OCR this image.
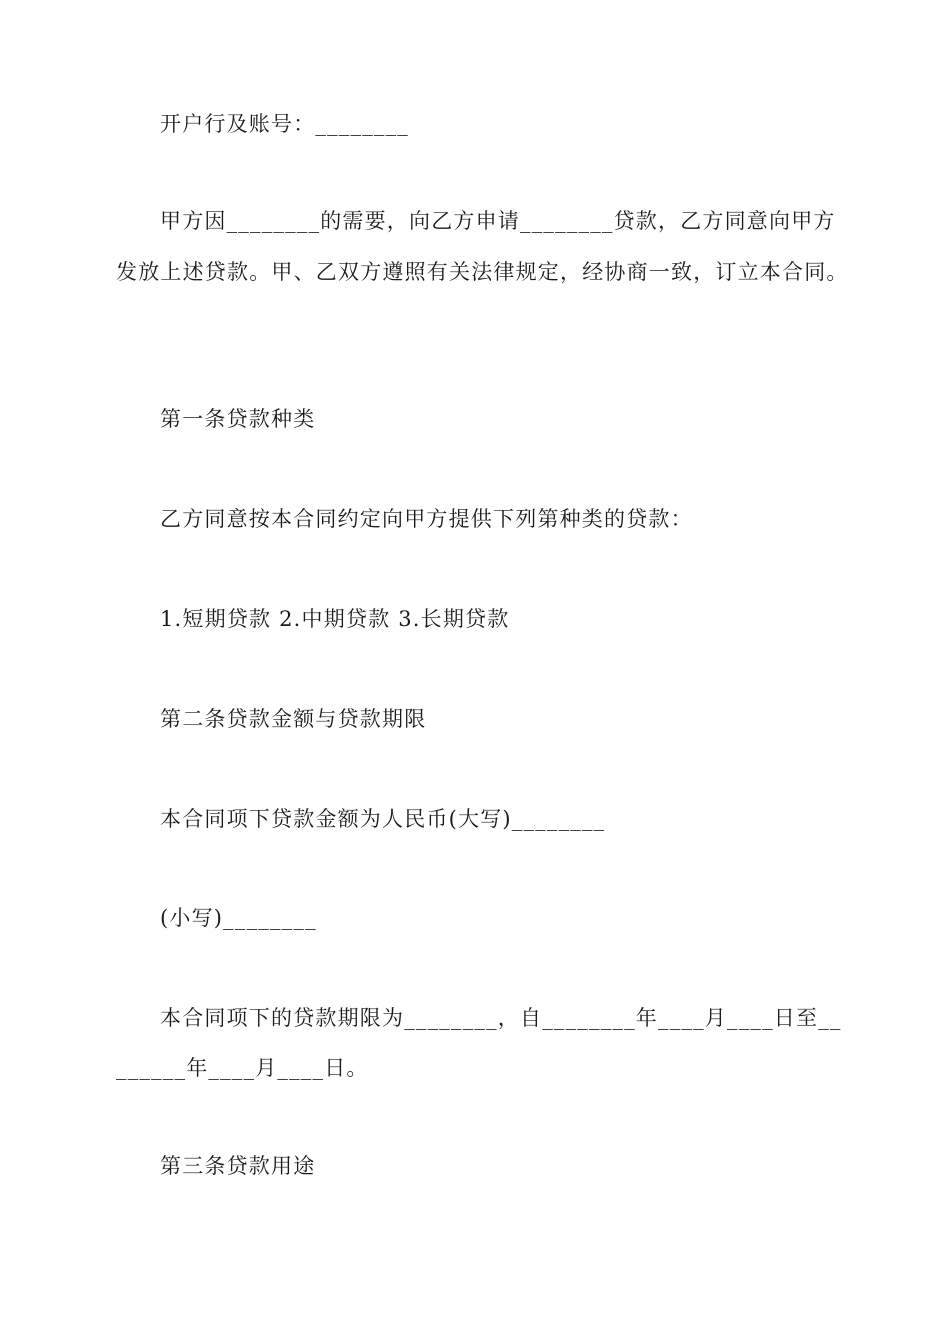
开户行及账号：________
甲方因________的需要，向乙方申请________贷款，乙方同意向甲方
发放上述贷款。甲、乙双方遵照有关法律规定，经协商一致，订立本合同。
第一条贷款种类
乙方同意按本合同约定向甲方提供下列第种类的贷款：
1.短期贷款 2.中期贷款 3.长期贷款
第二条贷款金额与贷款期限
本合同项下贷款金额为人民币(大写)________
(小写)________
本合同项下的贷款期限为________，自________年____月____日至__
______年____月____日。
第三条贷款用途
